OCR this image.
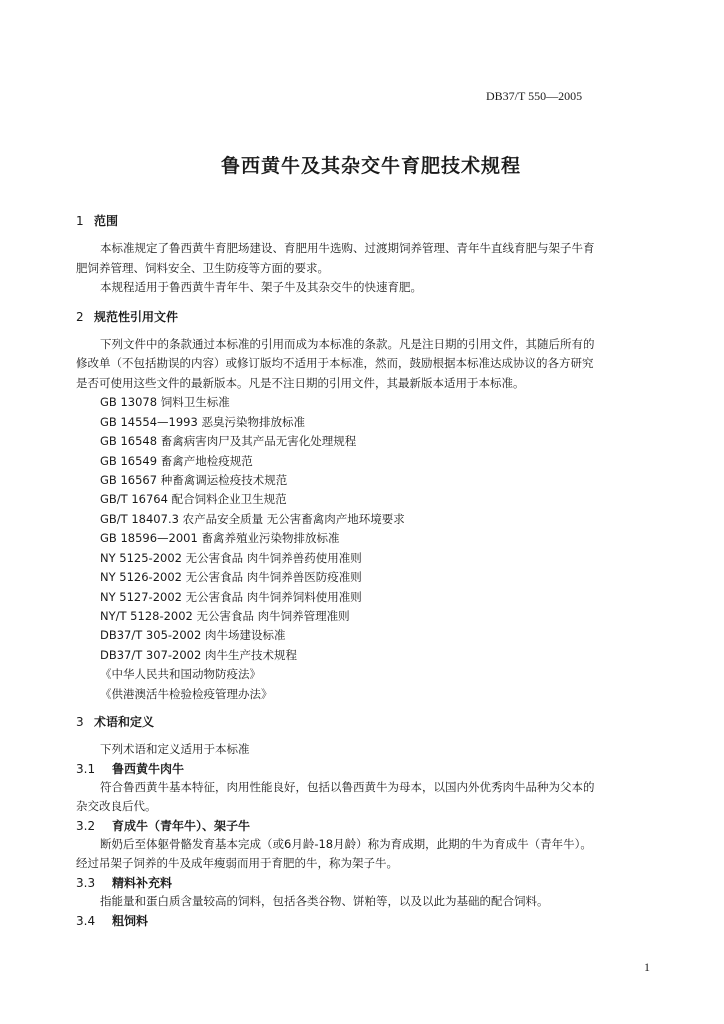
DB37/T 550—2005
鲁西黄牛及其杂交牛育肥技术规程
1 范围
本标准规定了鲁西黄牛育肥场建设、育肥用牛选购、过渡期饲养管理、青年牛直线育肥与架子牛育
肥饲养管理、饲料安全、卫生防疫等方面的要求。
本规程适用于鲁西黄牛青年牛、架子牛及其杂交牛的快速育肥。
2 规范性引用文件
下列文件中的条款通过本标准的引用而成为本标准的条款。凡是注日期的引用文件，其随后所有的
修改单（不包括勘误的内容）或修订版均不适用于本标准，然而，鼓励根据本标准达成协议的各方研究
是否可使用这些文件的最新版本。凡是不注日期的引用文件，其最新版本适用于本标准。
GB 13078 饲料卫生标准
GB 14554—1993 恶臭污染物排放标准
GB 16548 畜禽病害肉尸及其产品无害化处理规程
GB 16549 畜禽产地检疫规范
GB 16567 种畜禽调运检疫技术规范
GB/T 16764 配合饲料企业卫生规范
GB/T 18407.3 农产品安全质量 无公害畜禽肉产地环境要求
GB 18596—2001 畜禽养殖业污染物排放标准
NY 5125-2002 无公害食品 肉牛饲养兽药使用准则
NY 5126-2002 无公害食品 肉牛饲养兽医防疫准则
NY 5127-2002 无公害食品 肉牛饲养饲料使用准则
NY/T 5128-2002 无公害食品 肉牛饲养管理准则
DB37/T 305-2002 肉牛场建设标准
DB37/T 307-2002 肉牛生产技术规程
《中华人民共和国动物防疫法》
《供港澳活牛检验检疫管理办法》
3 术语和定义
下列术语和定义适用于本标准
3.1 鲁西黄牛肉牛
符合鲁西黄牛基本特征，肉用性能良好，包括以鲁西黄牛为母本，以国内外优秀肉牛品种为父本的
杂交改良后代。
3.2 育成牛（青年牛）、架子牛
断奶后至体躯骨骼发育基本完成（或6月龄-18月龄）称为育成期，此期的牛为育成牛（青年牛）。
经过吊架子饲养的牛及成年瘦弱而用于育肥的牛，称为架子牛。
3.3 精料补充料
指能量和蛋白质含量较高的饲料，包括各类谷物、饼粕等，以及以此为基础的配合饲料。
3.4 粗饲料
1
